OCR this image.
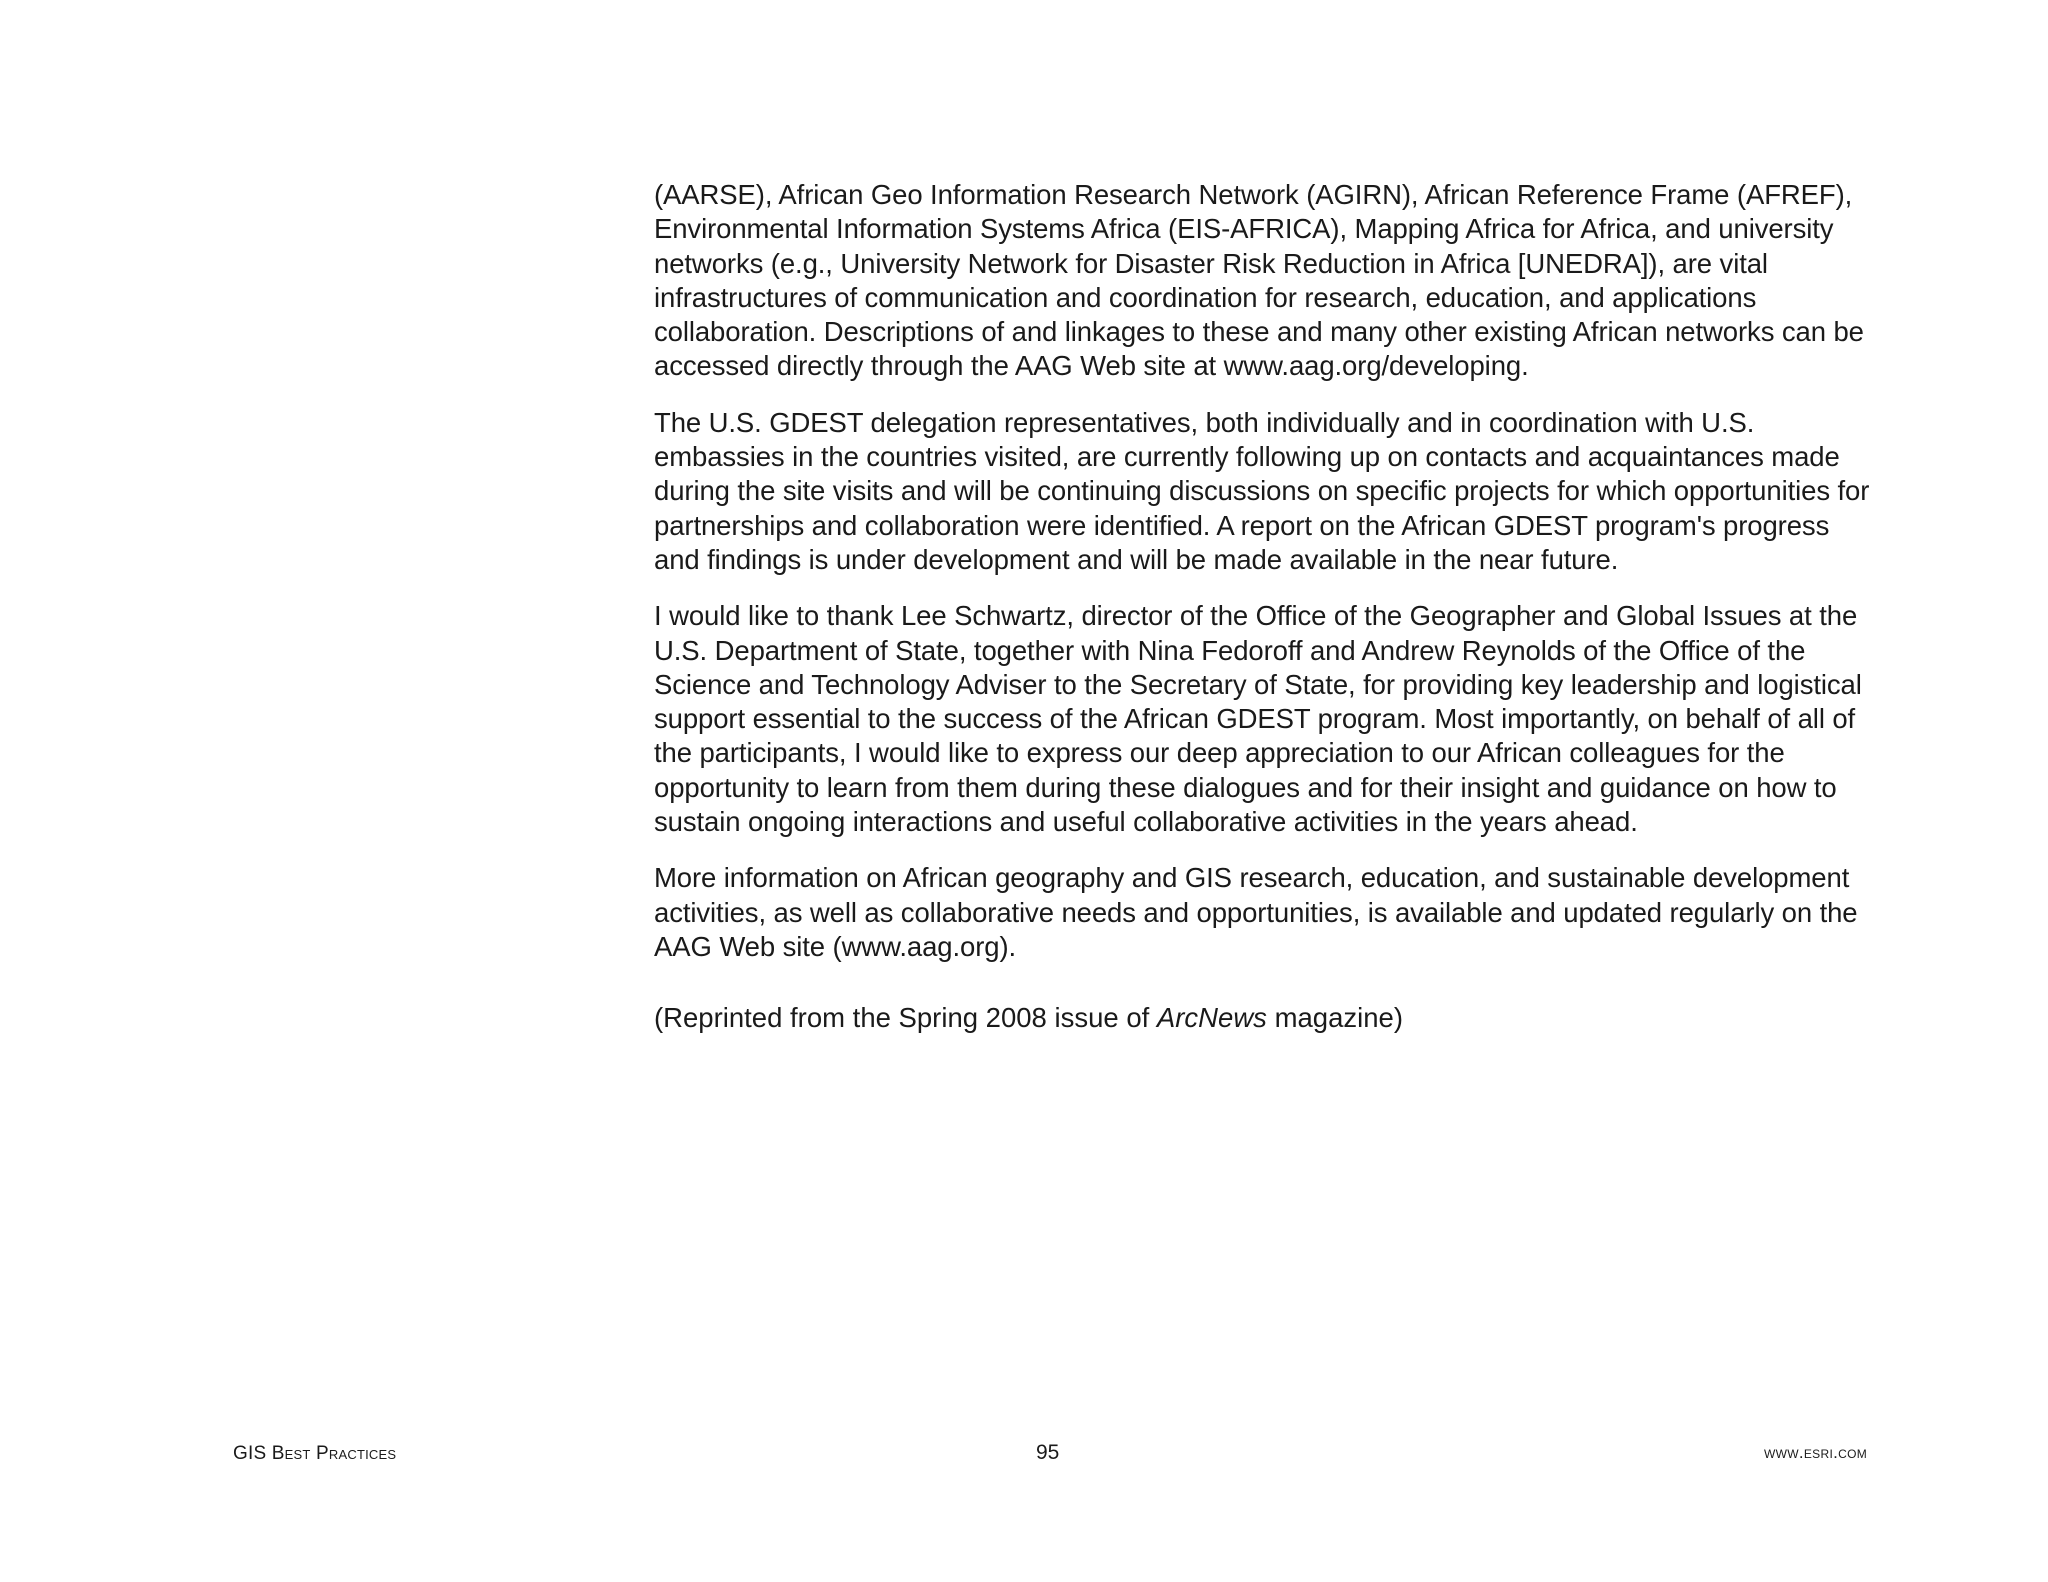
(AARSE), African Geo Information Research Network (AGIRN), African Reference Frame (AFREF), Environmental Information Systems Africa (EIS-AFRICA), Mapping Africa for Africa, and university networks (e.g., University Network for Disaster Risk Reduction in Africa [UNEDRA]), are vital infrastructures of communication and coordination for research, education, and applications collaboration. Descriptions of and linkages to these and many other existing African networks can be accessed directly through the AAG Web site at www.aag.org/developing.

The U.S. GDEST delegation representatives, both individually and in coordination with U.S. embassies in the countries visited, are currently following up on contacts and acquaintances made during the site visits and will be continuing discussions on specific projects for which opportunities for partnerships and collaboration were identified. A report on the African GDEST program's progress and findings is under development and will be made available in the near future.

I would like to thank Lee Schwartz, director of the Office of the Geographer and Global Issues at the U.S. Department of State, together with Nina Fedoroff and Andrew Reynolds of the Office of the Science and Technology Adviser to the Secretary of State, for providing key leadership and logistical support essential to the success of the African GDEST program. Most importantly, on behalf of all of the participants, I would like to express our deep appreciation to our African colleagues for the opportunity to learn from them during these dialogues and for their insight and guidance on how to sustain ongoing interactions and useful collaborative activities in the years ahead.

More information on African geography and GIS research, education, and sustainable development activities, as well as collaborative needs and opportunities, is available and updated regularly on the AAG Web site (www.aag.org).

(Reprinted from the Spring 2008 issue of ArcNews magazine)

GIS Best Practices	95	www.esri.com
